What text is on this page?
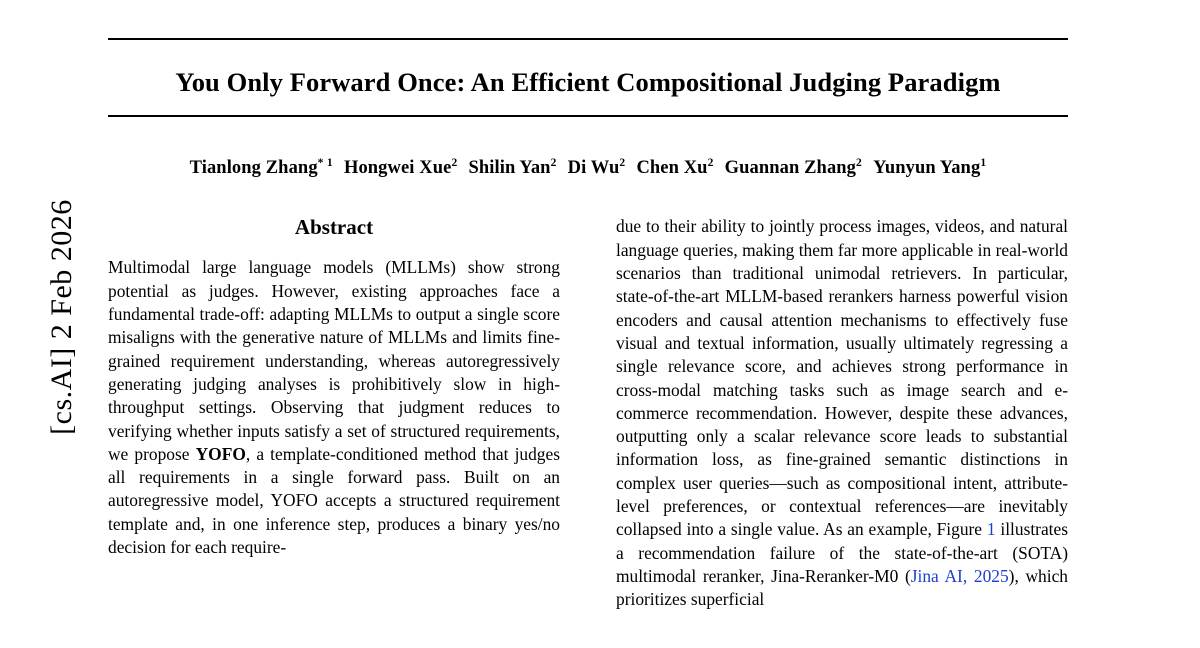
[cs.AI] 2 Feb 2026
You Only Forward Once: An Efficient Compositional Judging Paradigm
Tianlong Zhang$^{* 1}$ Hongwei Xue$^2$ Shilin Yan$^2$ Di Wu$^2$ Chen Xu$^2$ Guannan Zhang$^2$ Yunyun Yang$^1$
Abstract

Multimodal large language models (MLLMs) show strong potential as judges. However, existing approaches face a fundamental trade-off: adapting MLLMs to output a single score misaligns with the generative nature of MLLMs and limits fine-grained requirement understanding, whereas autoregressively generating judging analyses is prohibitively slow in high-throughput settings. Observing that judgment reduces to verifying whether inputs satisfy a set of structured requirements, we propose YOFO, a template-conditioned method that judges all requirements in a single forward pass. Built on an autoregressive model, YOFO accepts a structured requirement template and, in one inference step, produces a binary yes/no decision for each require-

due to their ability to jointly process images, videos, and natural language queries, making them far more applicable in real-world scenarios than traditional unimodal retrievers. In particular, state-of-the-art MLLM-based rerankers harness powerful vision encoders and causal attention mechanisms to effectively fuse visual and textual information, usually ultimately regressing a single relevance score, and achieves strong performance in cross-modal matching tasks such as image search and e-commerce recommendation. However, despite these advances, outputting only a scalar relevance score leads to substantial information loss, as fine-grained semantic distinctions in complex user queries—such as compositional intent, attribute-level preferences, or contextual references—are inevitably collapsed into a single value. As an example, Figure 1 illustrates a recommendation failure of the state-of-the-art (SOTA) multimodal reranker, Jina-Reranker-M0 (Jina AI, 2025), which prioritizes superficial
